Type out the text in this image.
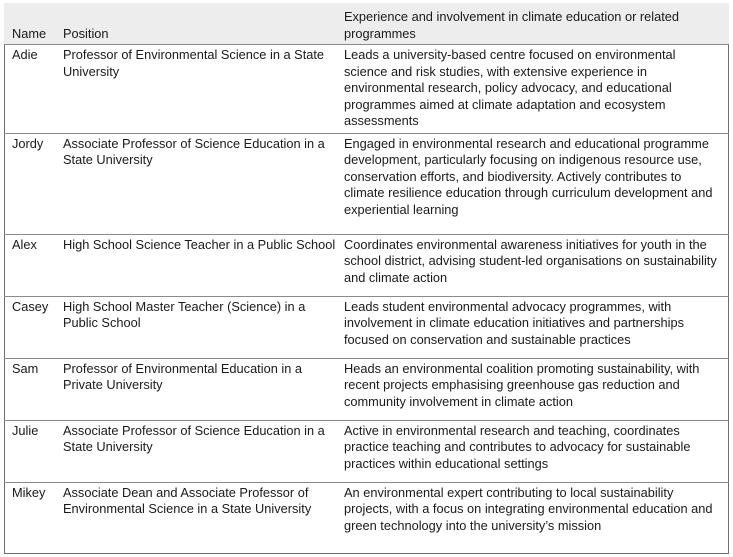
Name	Position	Experience and involvement in climate education or related programmes
Adie	Professor of Environmental Science in a State University	Leads a university-based centre focused on environmental science and risk studies, with extensive experience in environmental research, policy advocacy, and educational programmes aimed at climate adaptation and ecosystem assessments
Jordy	Associate Professor of Science Education in a State University	Engaged in environmental research and educational programme development, particularly focusing on indigenous resource use, conservation efforts, and biodiversity. Actively contributes to climate resilience education through curriculum development and experiential learning
Alex	High School Science Teacher in a Public School	Coordinates environmental awareness initiatives for youth in the school district, advising student-led organisations on sustainability and climate action
Casey	High School Master Teacher (Science) in a Public School	Leads student environmental advocacy programmes, with involvement in climate education initiatives and partnerships focused on conservation and sustainable practices
Sam	Professor of Environmental Education in a Private University	Heads an environmental coalition promoting sustainability, with recent projects emphasising greenhouse gas reduction and community involvement in climate action
Julie	Associate Professor of Science Education in a State University	Active in environmental research and teaching, coordinates practice teaching and contributes to advocacy for sustainable practices within educational settings
Mikey	Associate Dean and Associate Professor of Environmental Science in a State University	An environmental expert contributing to local sustainability projects, with a focus on integrating environmental education and green technology into the university’s mission
